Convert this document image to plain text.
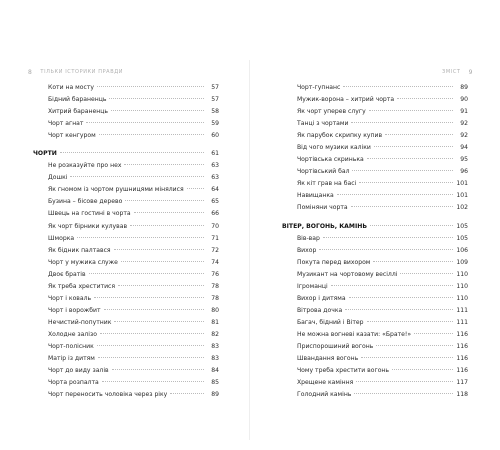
8 ТІЛЬКИ ІСТОРИКИ ПРАВДИ	ЗМІСТ 9
Коти на мосту	57
Бідний бараненць	57
Хитрий бараненць	58
Чорт агнат	59
Чорт кенгуром	60
ЧОРТИ	61
Не розказуйте про нех	63
Дошкі	63
Як гномом із чортом рушницями мінялися	64
Бузина – бісове дерево	65
Швець на гостині в чорта	66
Як чорт бірники кулував	70
Шморка	71
Як бідник палтався	72
Чорт у мужика служе	74
Двоє братів	76
Як треба хреститися	78
Чорт і коваль	78
Чорт і ворожбит	80
Нечистий-попутник	81
Холодне залізо	82
Чорт-полісник	83
Матір із дитям	83
Чорт до виду залів	84
Чорта розпалта	85
Чорт переносить чоловіка через ріку	89
Чорт-гупнанс	89
Мужик-ворона – хитрий чорта	90
Як чорт уперев слугу	91
Танці з чортами	92
Як парубок скрипку купив	92
Від чого музики каліки	94
Чортівська скринька	95
Чортівський бал	96
Як кіт грав на басі	101
Навищанка	101
Поміняни чорта	102
ВІТЕР, ВОГОНЬ, КАМІНЬ	105
Вів-вар	105
Вихор	106
Покута перед вихором	109
Музикант на чортовому весіллі	110
Ігроманці	110
Вихор і дитяма	110
Вітрова дочка	111
Багач, бідний і Вітер	111
Не можна вогневі казати: «Брате!»	116
Приспорошиний вогонь	116
Швандання вогонь	116
Чому треба хрестити вогонь	116
Хрещене каміння	117
Голодний камінь	118
